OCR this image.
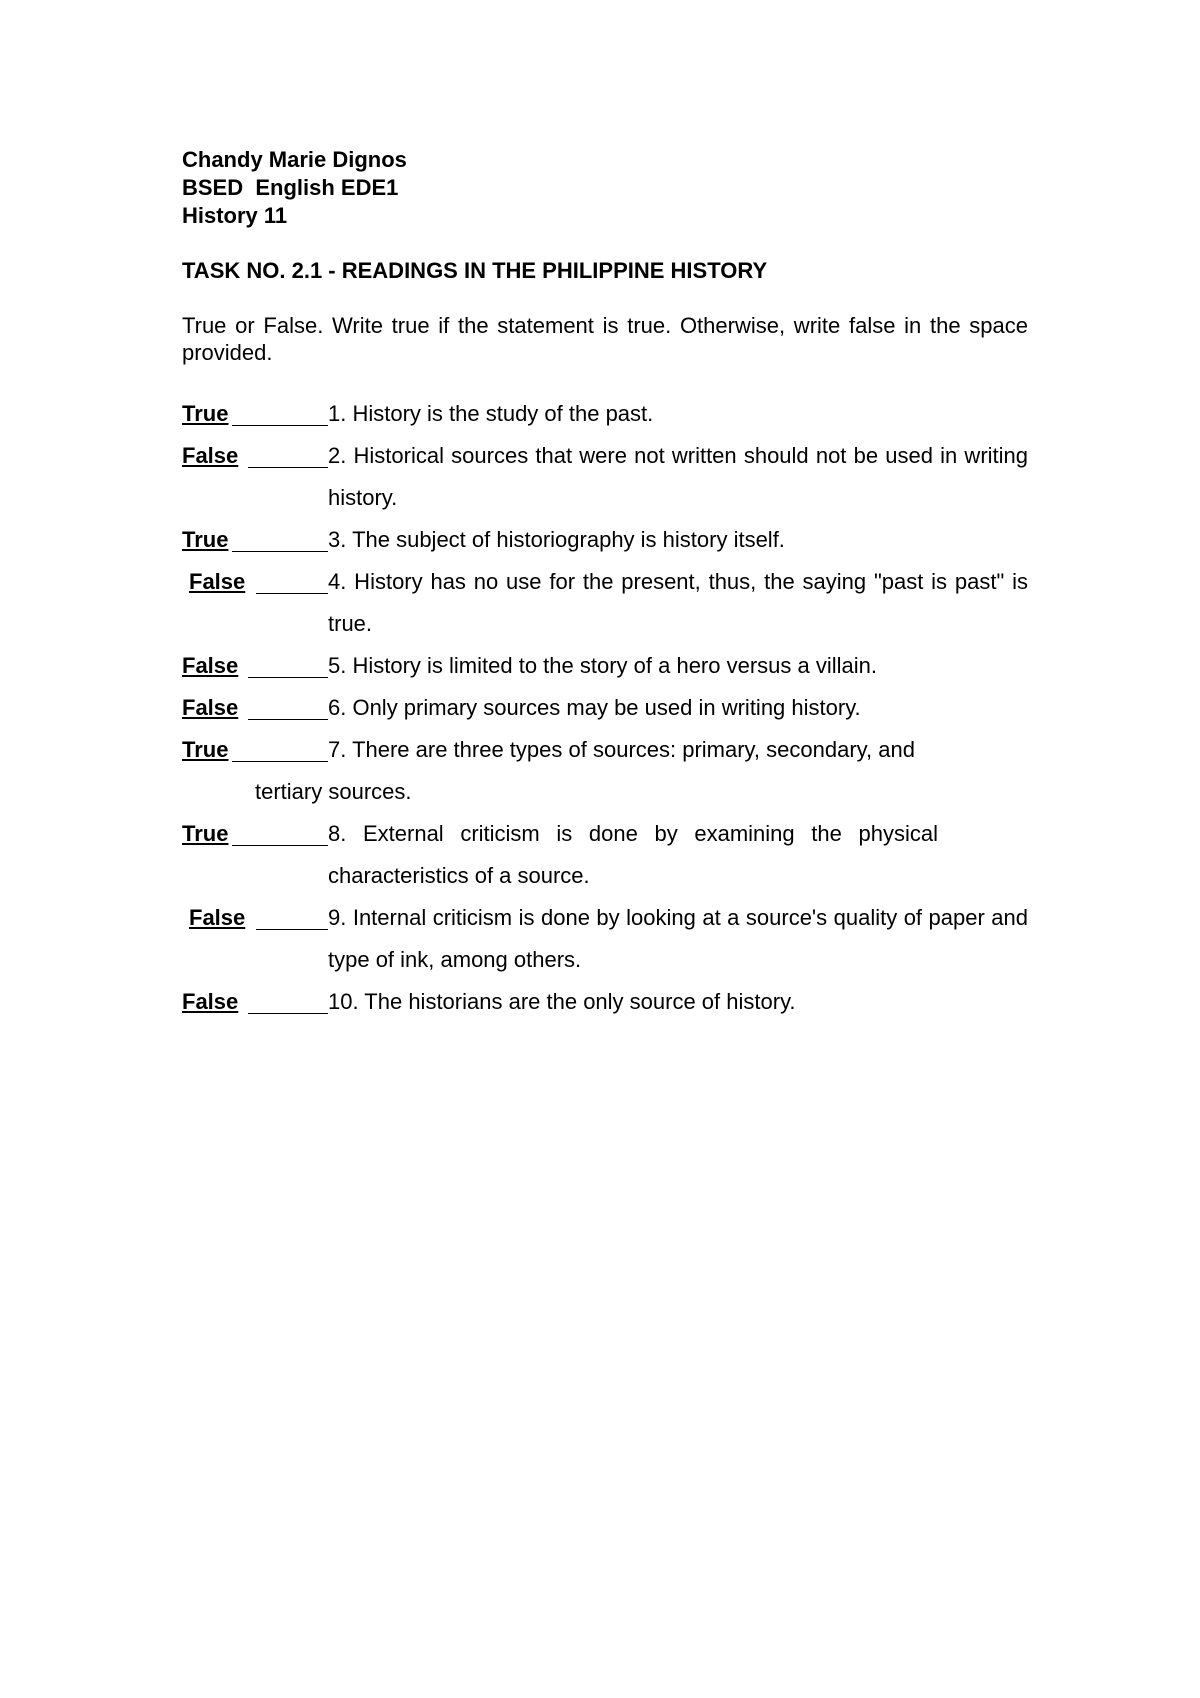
Chandy Marie Dignos
BSED  English EDE1
History 11
TASK NO. 2.1 - READINGS IN THE PHILIPPINE HISTORY
True or False. Write true if the statement is true. Otherwise, write false in the space provided.
True	1. History is the study of the past.
False	2. Historical sources that were not written should not be used in writing history.
True	3. The subject of historiography is history itself.
False	4. History has no use for the present, thus, the saying "past is past" is true.
False	5. History is limited to the story of a hero versus a villain.
False	6. Only primary sources may be used in writing history.
True	7. There are three types of sources: primary, secondary, and
tertiary sources.
True	8. External criticism is done by examining the physical characteristics of a source.
False	9. Internal criticism is done by looking at a source's quality of paper and type of ink, among others.
False	10. The historians are the only source of history.
